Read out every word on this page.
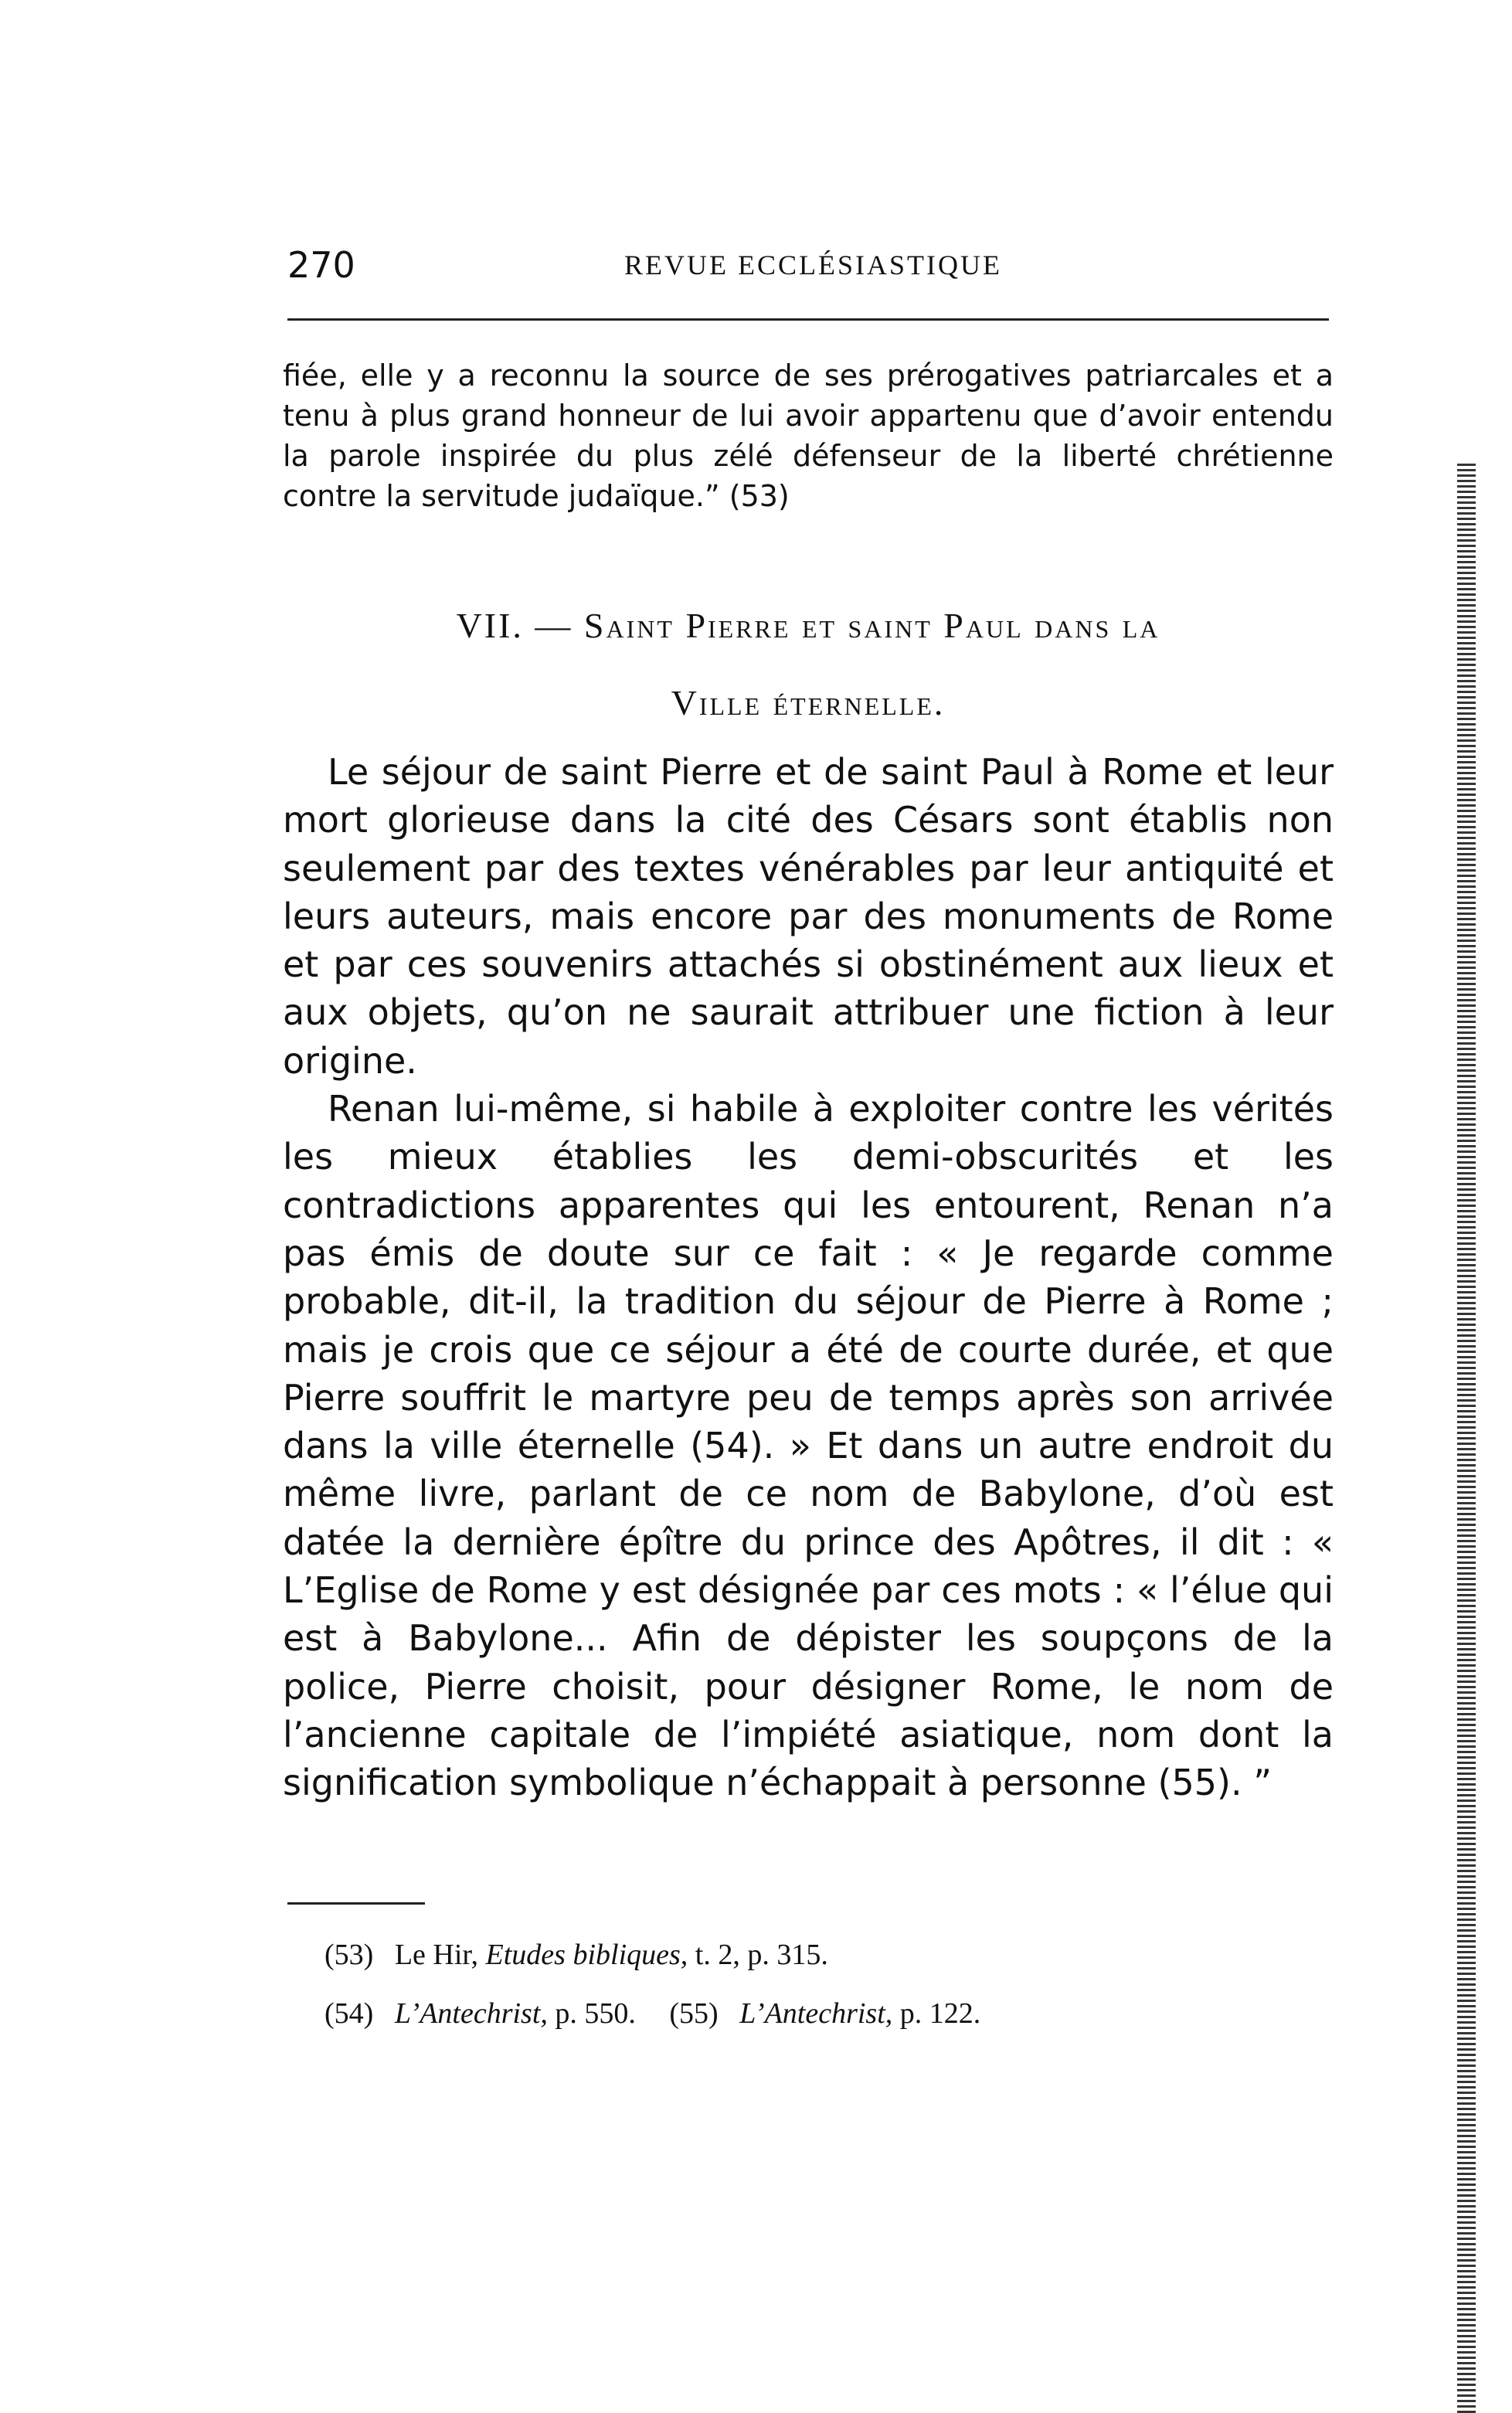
270	REVUE ECCLÉSIASTIQUE

fiée, elle y a reconnu la source de ses prérogatives patriarcales et a tenu à plus grand honneur de lui avoir appartenu que d’avoir entendu la parole inspirée du plus zélé défenseur de la liberté chrétienne contre la servitude judaïque.” (53)

VII. — Saint Pierre et saint Paul dans la
Ville éternelle.

Le séjour de saint Pierre et de saint Paul à Rome et leur mort glorieuse dans la cité des Césars sont établis non seulement par des textes vénérables par leur antiquité et leurs auteurs, mais encore par des monuments de Rome et par ces souvenirs attachés si obstinément aux lieux et aux objets, qu’on ne saurait attribuer une fiction à leur origine.

Renan lui-même, si habile à exploiter contre les vérités les mieux établies les demi-obscurités et les contradictions apparentes qui les entourent, Renan n’a pas émis de doute sur ce fait : « Je regarde comme probable, dit-il, la tradition du séjour de Pierre à Rome ; mais je crois que ce séjour a été de courte durée, et que Pierre souffrit le martyre peu de temps après son arrivée dans la ville éternelle (54). » Et dans un autre endroit du même livre, parlant de ce nom de Babylone, d’où est datée la dernière épître du prince des Apôtres, il dit : « L’Eglise de Rome y est désignée par ces mots : « l’élue qui est à Babylone... Afin de dépister les soupçons de la police, Pierre choisit, pour désigner Rome, le nom de l’ancienne capitale de l’impiété asiatique, nom dont la signification symbolique n’échappait à personne (55). ”

(53) Le Hir, Etudes bibliques, t. 2, p. 315.

(54) L’Antechrist, p. 550. (55) L’Antechrist, p. 122.
